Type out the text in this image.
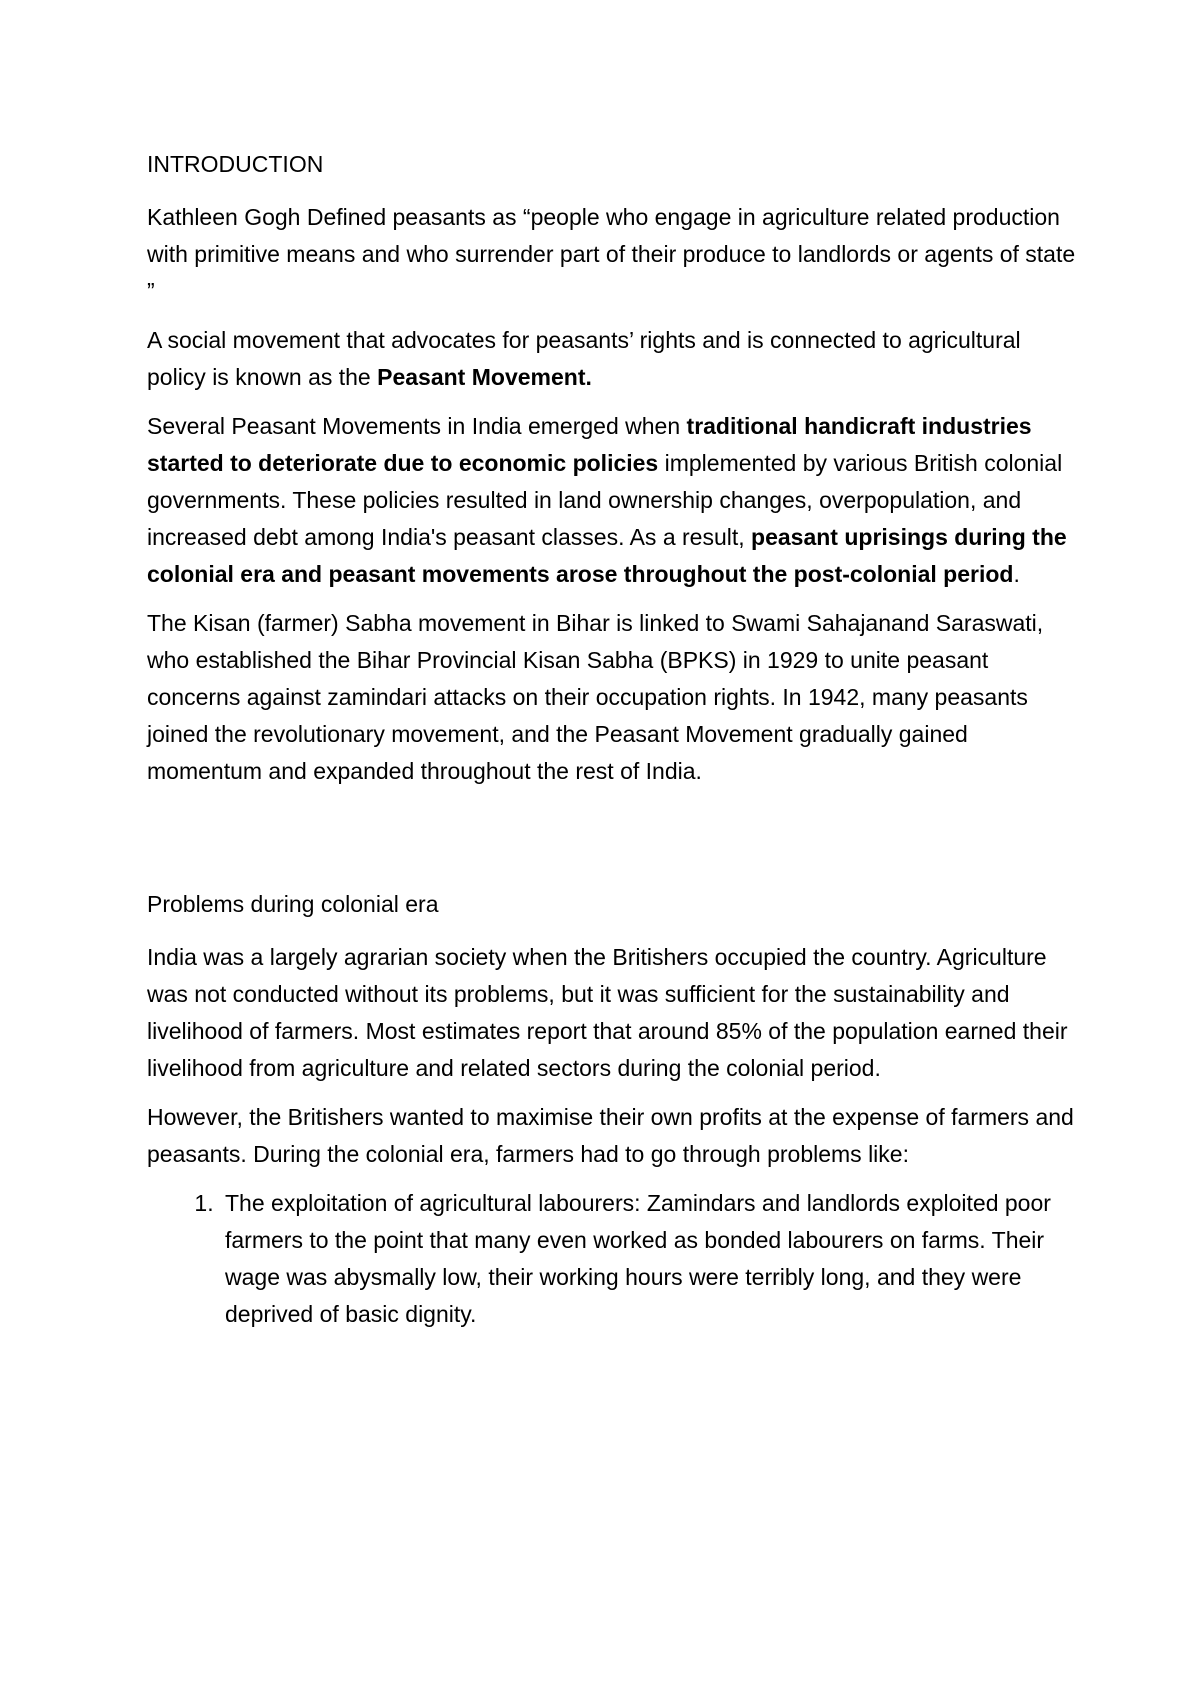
INTRODUCTION

Kathleen Gogh Defined peasants as “people who engage in agriculture related production with primitive means and who surrender part of their produce to landlords or agents of state ”

A social movement that advocates for peasants’ rights and is connected to agricultural policy is known as the Peasant Movement.

Several Peasant Movements in India emerged when traditional handicraft industries started to deteriorate due to economic policies implemented by various British colonial governments. These policies resulted in land ownership changes, overpopulation, and increased debt among India's peasant classes. As a result, peasant uprisings during the colonial era and peasant movements arose throughout the post-colonial period.

The Kisan (farmer) Sabha movement in Bihar is linked to Swami Sahajanand Saraswati, who established the Bihar Provincial Kisan Sabha (BPKS) in 1929 to unite peasant concerns against zamindari attacks on their occupation rights. In 1942, many peasants joined the revolutionary movement, and the Peasant Movement gradually gained momentum and expanded throughout the rest of India.

Problems during colonial era

India was a largely agrarian society when the Britishers occupied the country. Agriculture was not conducted without its problems, but it was sufficient for the sustainability and livelihood of farmers. Most estimates report that around 85% of the population earned their livelihood from agriculture and related sectors during the colonial period.

However, the Britishers wanted to maximise their own profits at the expense of farmers and peasants. During the colonial era, farmers had to go through problems like:

1. The exploitation of agricultural labourers: Zamindars and landlords exploited poor farmers to the point that many even worked as bonded labourers on farms. Their wage was abysmally low, their working hours were terribly long, and they were deprived of basic dignity.
